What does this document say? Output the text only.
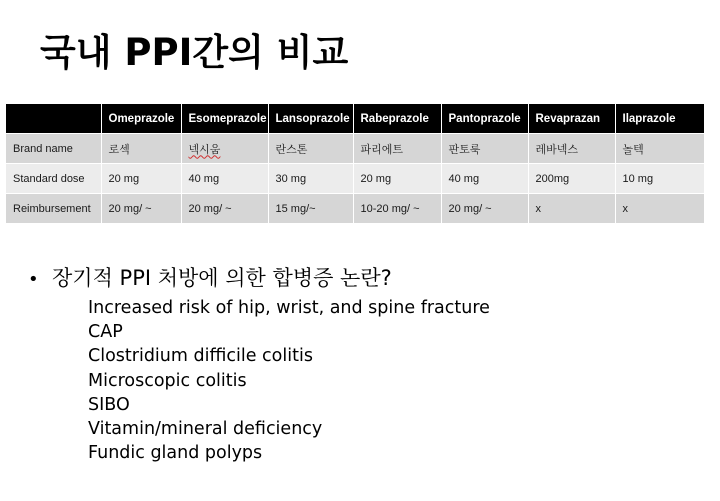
국내 PPI간의 비교
	Omeprazole	Esomeprazole	Lansoprazole	Rabeprazole	Pantoprazole	Revaprazan	Ilaprazole
Brand name	로섹	넥시움	란스톤	파리에트	판토룩	레바넥스	놀텍
Standard dose	20 mg	40 mg	30 mg	20 mg	40 mg	200mg	10 mg
Reimbursement	20 mg/ ~	20 mg/ ~	15 mg/~	10-20 mg/ ~	20 mg/ ~	x	x
• 장기적 PPI 처방에 의한 합병증 논란?
Increased risk of hip, wrist, and spine fracture
CAP
Clostridium difficile colitis
Microscopic colitis
SIBO
Vitamin/mineral deficiency
Fundic gland polyps
